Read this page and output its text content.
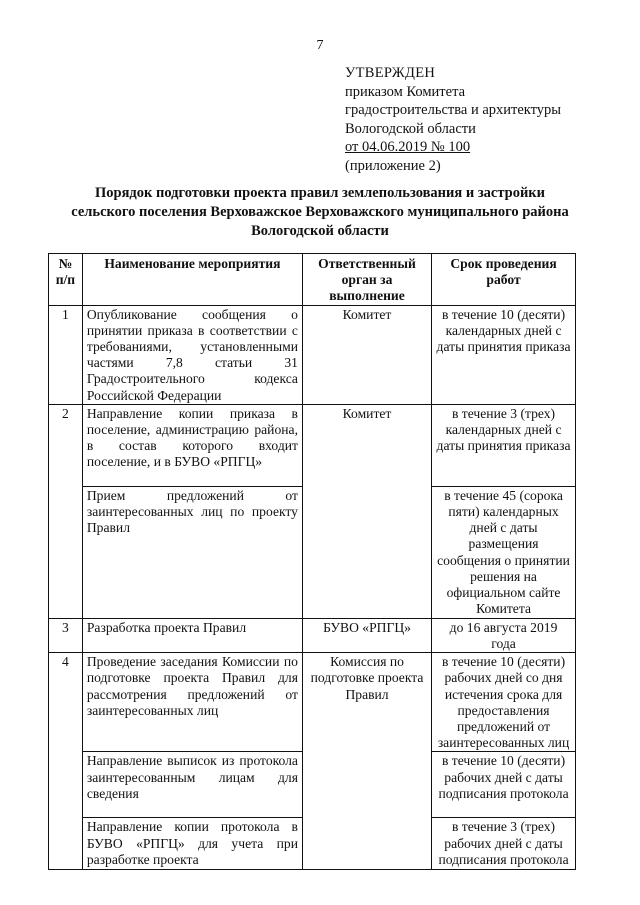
7
УТВЕРЖДЕН
приказом Комитета
градостроительства и архитектуры
Вологодской области
от 04.06.2019 № 100
(приложение 2)
Порядок подготовки проекта правил землепользования и застройки
сельского поселения Верховажское Верховажского муниципального района
Вологодской области
№ п/п	Наименование мероприятия	Ответственный орган за выполнение	Срок проведения работ
1	Опубликование сообщения о принятии приказа в соответствии с требованиями, установленными частями 7,8 статьи 31 Градостроительного кодекса Российской Федерации	Комитет	в течение 10 (десяти) календарных дней с даты принятия приказа
2	Направление копии приказа в поселение, администрацию района, в состав которого входит поселение, и в БУВО «РПГЦ»	Комитет	в течение 3 (трех) календарных дней с даты принятия приказа
	Прием предложений от заинтересованных лиц по проекту Правил		в течение 45 (сорока пяти) календарных дней с даты размещения сообщения о принятии решения на официальном сайте Комитета
3	Разработка проекта Правил	БУВО «РПГЦ»	до 16 августа 2019 года
4	Проведение заседания Комиссии по подготовке проекта Правил для рассмотрения предложений от заинтересованных лиц	Комиссия по подготовке проекта Правил	в течение 10 (десяти) рабочих дней со дня истечения срока для предоставления предложений от заинтересованных лиц
	Направление выписок из протокола заинтересованным лицам для сведения		в течение 10 (десяти) рабочих дней с даты подписания протокола
	Направление копии протокола в БУВО «РПГЦ» для учета при разработке проекта		в течение 3 (трех) рабочих дней с даты подписания протокола
